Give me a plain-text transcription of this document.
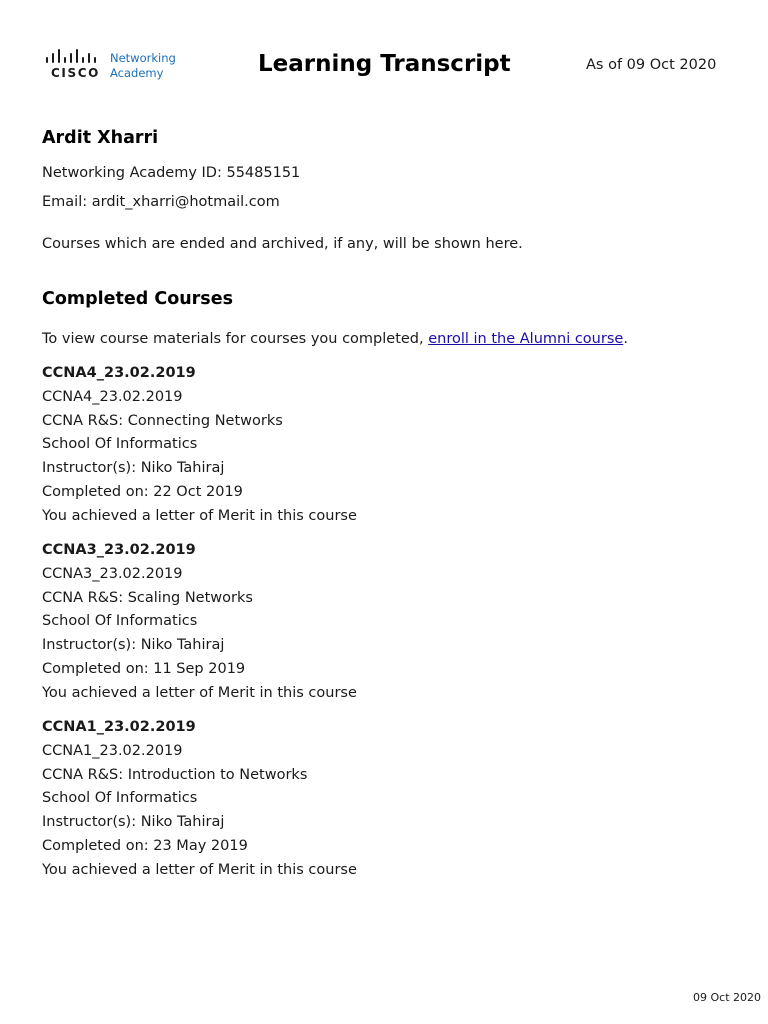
CISCO
Networking
Academy	Learning Transcript	As of 09 Oct 2020
Ardit Xharri
Networking Academy ID: 55485151
Email: ardit_xharri@hotmail.com
Courses which are ended and archived, if any, will be shown here.
Completed Courses
To view course materials for courses you completed, enroll in the Alumni course.
CCNA4_23.02.2019
CCNA4_23.02.2019
CCNA R&S: Connecting Networks
School Of Informatics
Instructor(s): Niko Tahiraj
Completed on: 22 Oct 2019
You achieved a letter of Merit in this course
CCNA3_23.02.2019
CCNA3_23.02.2019
CCNA R&S: Scaling Networks
School Of Informatics
Instructor(s): Niko Tahiraj
Completed on: 11 Sep 2019
You achieved a letter of Merit in this course
CCNA1_23.02.2019
CCNA1_23.02.2019
CCNA R&S: Introduction to Networks
School Of Informatics
Instructor(s): Niko Tahiraj
Completed on: 23 May 2019
You achieved a letter of Merit in this course
09 Oct 2020
